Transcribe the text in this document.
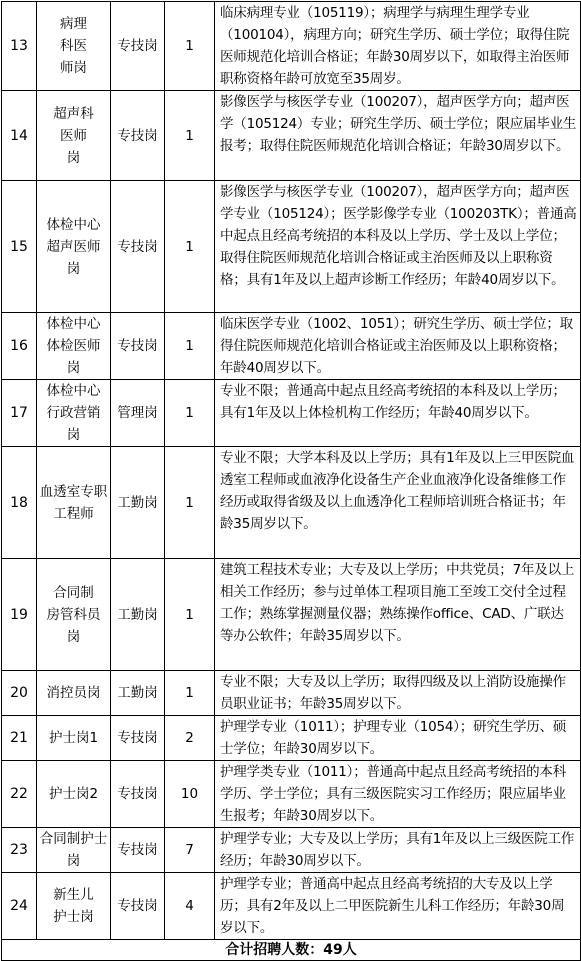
13	病理
科医
师岗	专技岗	1	临床病理专业（105119）；病理学与病理生理学专业（100104），病理方向；研究生学历、硕士学位；取得住院医师规范化培训合格证；年龄30周岁以下，如取得主治医师职称资格年龄可放宽至35周岁。

14	超声科
医师
岗	专技岗	1	影像医学与核医学专业（100207），超声医学方向；超声医学（105124）专业；研究生学历、硕士学位；限应届毕业生报考；取得住院医师规范化培训合格证；年龄30周岁以下。

15	体检中心
超声医师
岗	专技岗	1	影像医学与核医学专业（100207），超声医学方向；超声医学专业（105124）；医学影像学专业（100203TK）；普通高中起点且经高考统招的本科及以上学历、学士及以上学位；取得住院医师规范化培训合格证或主治医师及以上职称资格；具有1年及以上超声诊断工作经历；年龄40周岁以下。

16	体检中心
体检医师
岗	专技岗	1	临床医学专业（1002、1051）；研究生学历、硕士学位；取得住院医师规范化培训合格证或主治医师及以上职称资格；年龄40周岁以下。

17	体检中心
行政营销
岗	管理岗	1	专业不限；普通高中起点且经高考统招的本科及以上学历；具有1年及以上体检机构工作经历；年龄40周岁以下。

18	血透室专职
工程师	工勤岗	1	专业不限；大学本科及以上学历；具有1年及以上三甲医院血透室工程师或血液净化设备生产企业血液净化设备维修工作经历或取得省级及以上血透净化工程师培训班合格证书；年龄35周岁以下。

19	合同制
房管科员
岗	工勤岗	1	建筑工程技术专业；大专及以上学历；中共党员；7年及以上相关工作经历；参与过单体工程项目施工至竣工交付全过程工作；熟练掌握测量仪器；熟练操作office、CAD、广联达等办公软件；年龄35周岁以下。

20	消控员岗	工勤岗	1	专业不限；大专及以上学历；取得四级及以上消防设施操作员职业证书；年龄35周岁以下。

21	护士岗1	专技岗	2	护理学专业（1011）；护理专业（1054）；研究生学历、硕士学位；年龄30周岁以下。

22	护士岗2	专技岗	10	护理学类专业（1011）；普通高中起点且经高考统招的本科学历、学士学位；具有三级医院实习工作经历；限应届毕业生报考；年龄30周岁以下。

23	合同制护士
岗	专技岗	7	护理学专业；大专及以上学历；具有1年及以上三级医院工作经历；年龄30周岁以下。

24	新生儿
护士岗	专技岗	4	护理学专业；普通高中起点且经高考统招的大专及以上学历；具有2年及以上二甲医院新生儿科工作经历；年龄30周岁以下。

合计招聘人数：49人				
